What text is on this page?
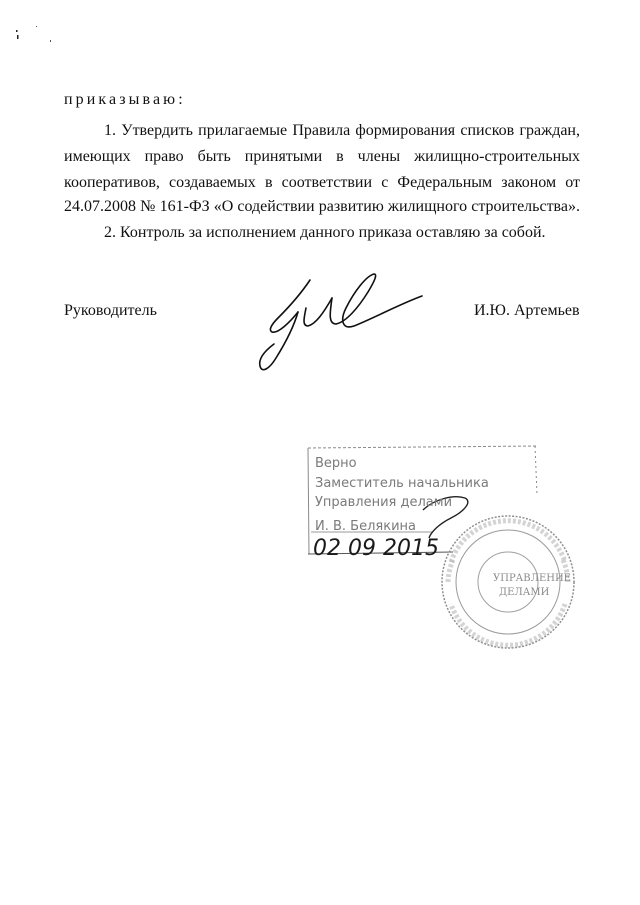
приказываю:
1. Утвердить прилагаемые Правила формирования списков граждан,
имеющих право быть принятыми в члены жилищно-строительных
кооперативов, создаваемых в соответствии с Федеральным законом от
24.07.2008 № 161-ФЗ «О содействии развитию жилищного строительства».
2. Контроль за исполнением данного приказа оставляю за собой.
Руководитель	И.Ю. Артемьев
Верно
Заместитель начальника
Управления делами
И. В. Белякина
02 09 2015
УПРАВЛЕНИЕ
ДЕЛАМИ
